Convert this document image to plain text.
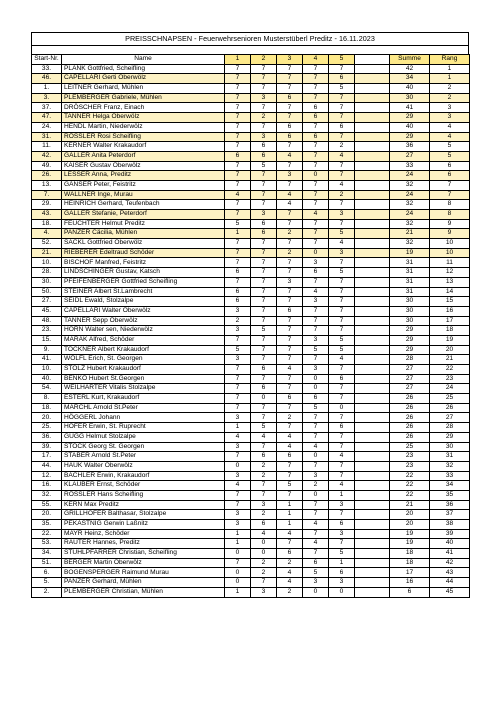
PREISSCHNAPSEN - Feuerwehrsenioren Musterstüberl Preditz - 16.11.2023
Start-Nr.	Name	1	2	3	4	5		Summe	Rang
33.	PLANK Gottfried, Scheifling	7	7	7	7	7		42	1
46.	CAPELLARI Gerti Oberwölz	7	7	7	7	6		34	1
1.	LEITNER Gerhard, Mühlen	7	7	7	7	5		40	2
3.	PLEMBERGER Gabriele, Mühlen	7	3	6	7	7		30	2
37.	DRÖSCHER Franz, Einach	7	7	7	6	7		41	3
47.	TANNER Helga Oberwölz	7	2	7	6	7		29	3
24.	HENDL Martin, Niederwölz	7	7	6	7	6		40	4
31.	RÖSSLER Rosi Scheifling	7	3	6	6	7		29	4
11.	KERNER Walter Krakaudorf	7	6	7	7	2		36	5
42.	GALLER Anita Peterdorf	6	6	4	7	4		27	5
49.	KAISER Gustav Oberwölz	7	5	7	7	7		33	6
26.	LESSER Anna, Preditz	7	7	3	0	7		24	6
13.	GÄNSER Peter, Feistritz	7	7	7	7	4		32	7
7.	WALLNER Inge, Murau	4	7	4	7	2		24	7
29.	HEINRICH Gerhard, Teufenbach	7	7	4	7	7		32	8
43.	GALLER Stefanie, Peterdorf	7	3	7	4	3		24	8
18.	FEUCHTER Helmut Preditz	5	6	7	7	7		32	9
4.	PANZER Cäcilia, Mühlen	1	6	2	7	5		21	9
52.	SACKL Gottfried Oberwölz	7	7	7	7	4		32	10
21.	RIEBERER Edeltraud Schöder	7	7	2	0	3		19	10
10.	BISCHOF Manfred, Feistritz	7	7	7	3	7		31	11
28.	LINDSCHINGER Gustav, Katsch	6	7	7	6	5		31	12
30.	PFEIFENBERGER Gottfried Scheifling	7	7	3	7	7		31	13
50.	STEINER Albert St.Lambrecht	6	7	7	4	7		31	14
27.	SEIDL Ewald, Stolzalpe	6	7	7	3	7		30	15
45.	CAPELLARI Walter Oberwölz	3	7	6	7	7		30	16
48.	TANNER Sepp Oberwölz	2	7	7	7	7		30	17
23.	HORN Walter sen, Niederwölz	3	5	7	7	7		29	18
15.	MARAK Alfred, Schöder	7	7	7	3	5		29	19
9.	TOCKNER Albert Krakaudorf	5	7	7	5	5		29	20
41.	WÖLFL Erich, St. Georgen	3	7	7	7	4		28	21
10.	STOLZ Hubert Krakaudorf	7	6	4	3	7		27	22
40.	BENKÖ Hubert St.Georgen	7	7	7	0	6		27	23
54.	WEILHARTER Vitalis Stolzalpe	7	6	7	0	7		27	24
8.	ESTERL Kurt, Krakaudorf	7	0	6	6	7		26	25
18.	MARCHL Arnold St.Peter	7	7	7	5	0		26	26
20.	HÖGGERL Johann	3	7	2	7	7		26	27
25.	HOFER Erwin, St. Ruprecht	1	5	7	7	6		26	28
36.	GUGG Helmut Stolzalpe	4	4	4	7	7		26	29
39.	STOCK Georg St. Georgen	3	7	4	4	7		25	30
17.	STABER Arnold St.Peter	7	6	6	0	4		23	31
44.	HAUK Walter Oberwölz	0	2	7	7	7		23	32
12.	BACHLER Erwin, Krakaudorf	3	2	7	3	7		22	33
16.	KLAUBER Ernst, Schöder	4	7	5	2	4		22	34
32.	RÖSSLER Hans Scheifling	7	7	7	0	1		22	35
55.	KERN Max Preditz	7	3	1	7	3		21	36
20.	GRILLHOFER Balthasar, Stolzalpe	3	2	1	7	7		20	37
35.	PEKASTNIG Gerwin Laßnitz	3	6	1	4	6		20	38
22.	MAYR Heinz, Schöder	1	4	4	7	3		19	39
53.	RAUTER Hannes, Preditz	1	0	7	4	7		19	40
34.	STUHLPFARRER Christian, Scheifling	0	0	6	7	5		18	41
51.	BERGER Martin Oberwölz	7	2	2	6	1		18	42
6.	BOGENSPERGER Raimund Murau	0	2	4	5	6		17	43
5.	PANZER Gerhard, Mühlen	0	7	4	3	3		16	44
2.	PLEMBERGER Christian, Mühlen	1	3	2	0	0		6	45
